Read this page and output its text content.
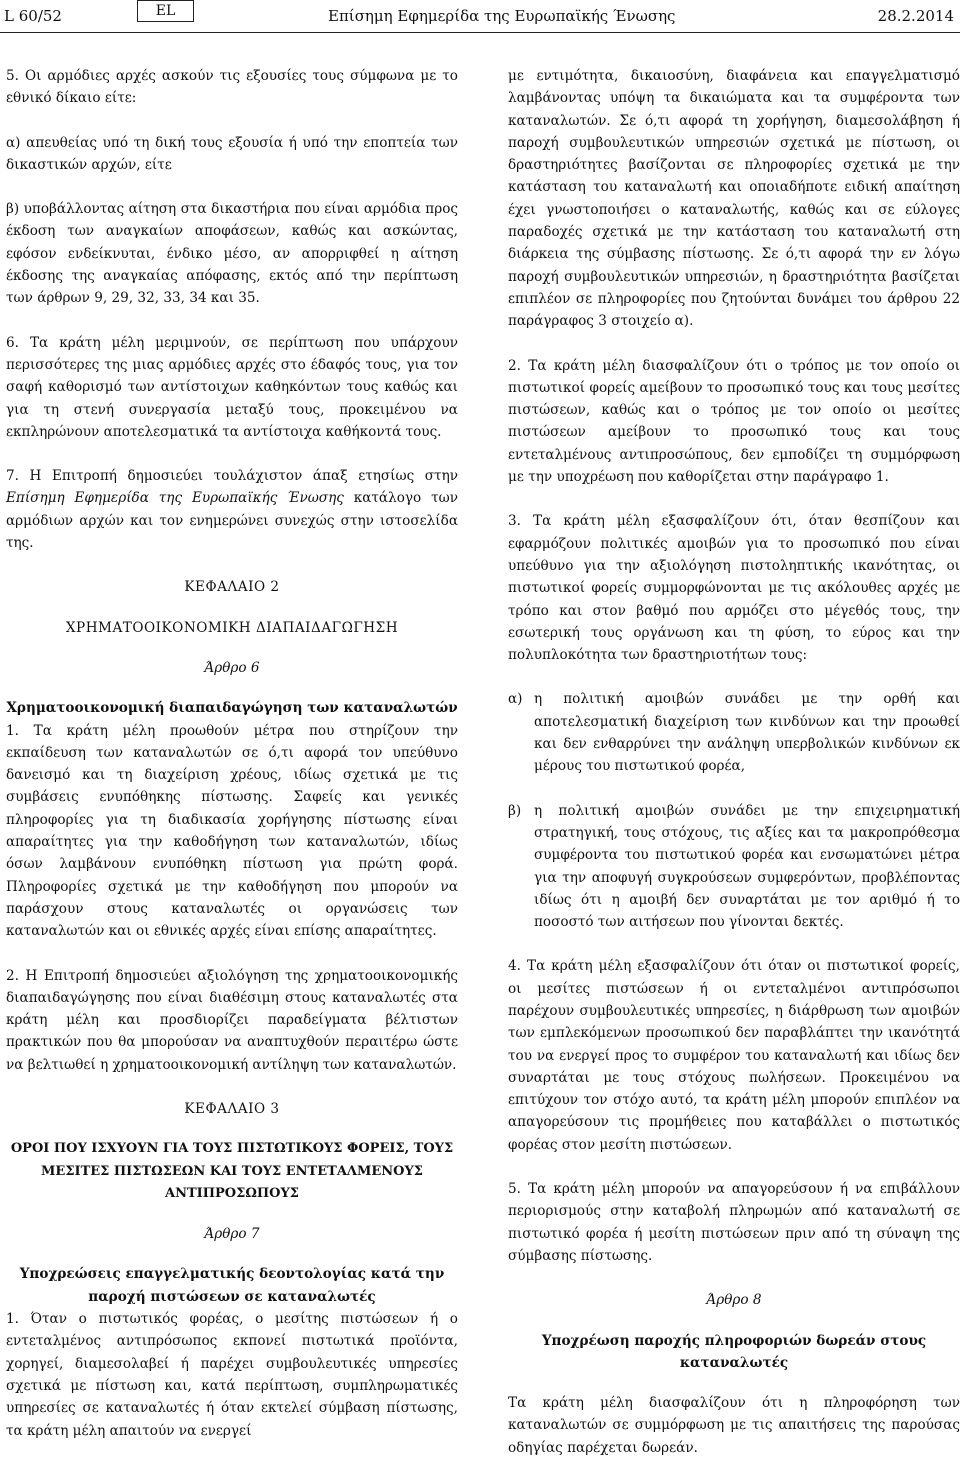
L 60/52	EL	Επίσημη Εφημερίδα της Ευρωπαϊκής Ένωσης	28.2.2014

5. Οι αρμόδιες αρχές ασκούν τις εξουσίες τους σύμφωνα με το εθνικό δίκαιο είτε:

α) απευθείας υπό τη δική τους εξουσία ή υπό την εποπτεία των δικαστικών αρχών, είτε

β) υποβάλλοντας αίτηση στα δικαστήρια που είναι αρμόδια προς έκδοση των αναγκαίων αποφάσεων, καθώς και ασκώντας, εφόσον ενδείκνυται, ένδικο μέσο, αν απορριφθεί η αίτηση έκδοσης της αναγκαίας απόφασης, εκτός από την περίπτωση των άρθρων 9, 29, 32, 33, 34 και 35.

6. Τα κράτη μέλη μεριμνούν, σε περίπτωση που υπάρχουν περισσότερες της μιας αρμόδιες αρχές στο έδαφός τους, για τον σαφή καθορισμό των αντίστοιχων καθηκόντων τους καθώς και για τη στενή συνεργασία μεταξύ τους, προκειμένου να εκπληρώνουν αποτελεσματικά τα αντίστοιχα καθήκοντά τους.

7. Η Επιτροπή δημοσιεύει τουλάχιστον άπαξ ετησίως στην Επίσημη Εφημερίδα της Ευρωπαϊκής Ένωσης κατάλογο των αρμόδιων αρχών και τον ενημερώνει συνεχώς στην ιστοσελίδα της.

ΚΕΦΑΛΑΙΟ 2

ΧΡΗΜΑΤΟΟΙΚΟΝΟΜΙΚΗ ΔΙΑΠΑΙΔΑΓΩΓΗΣΗ

Άρθρο 6

Χρηματοοικονομική διαπαιδαγώγηση των καταναλωτών

1. Τα κράτη μέλη προωθούν μέτρα που στηρίζουν την εκπαίδευση των καταναλωτών σε ό,τι αφορά τον υπεύθυνο δανεισμό και τη διαχείριση χρέους, ιδίως σχετικά με τις συμβάσεις ενυπόθηκης πίστωσης. Σαφείς και γενικές πληροφορίες για τη διαδικασία χορήγησης πίστωσης είναι απαραίτητες για την καθοδήγηση των καταναλωτών, ιδίως όσων λαμβάνουν ενυπόθηκη πίστωση για πρώτη φορά. Πληροφορίες σχετικά με την καθοδήγηση που μπορούν να παράσχουν στους καταναλωτές οι οργανώσεις των καταναλωτών και οι εθνικές αρχές είναι επίσης απαραίτητες.

2. Η Επιτροπή δημοσιεύει αξιολόγηση της χρηματοοικονομικής διαπαιδαγώγησης που είναι διαθέσιμη στους καταναλωτές στα κράτη μέλη και προσδιορίζει παραδείγματα βέλτιστων πρακτικών που θα μπορούσαν να αναπτυχθούν περαιτέρω ώστε να βελτιωθεί η χρηματοοικονομική αντίληψη των καταναλωτών.

ΚΕΦΑΛΑΙΟ 3

ΟΡΟΙ ΠΟΥ ΙΣΧΥΟΥΝ ΓΙΑ ΤΟΥΣ ΠΙΣΤΩΤΙΚΟΥΣ ΦΟΡΕΙΣ, ΤΟΥΣ ΜΕΣΙΤΕΣ ΠΙΣΤΩΣΕΩΝ ΚΑΙ ΤΟΥΣ ΕΝΤΕΤΑΛΜΕΝΟΥΣ ΑΝΤΙΠΡΟΣΩΠΟΥΣ

Άρθρο 7

Υποχρεώσεις επαγγελματικής δεοντολογίας κατά την παροχή πιστώσεων σε καταναλωτές

1. Όταν ο πιστωτικός φορέας, ο μεσίτης πιστώσεων ή ο εντεταλμένος αντιπρόσωπος εκπονεί πιστωτικά προϊόντα, χορηγεί, διαμεσολαβεί ή παρέχει συμβουλευτικές υπηρεσίες σχετικά με πίστωση και, κατά περίπτωση, συμπληρωματικές υπηρεσίες σε καταναλωτές ή όταν εκτελεί σύμβαση πίστωσης, τα κράτη μέλη απαιτούν να ενεργεί

με εντιμότητα, δικαιοσύνη, διαφάνεια και επαγγελματισμό λαμβάνοντας υπόψη τα δικαιώματα και τα συμφέροντα των καταναλωτών. Σε ό,τι αφορά τη χορήγηση, διαμεσολάβηση ή παροχή συμβουλευτικών υπηρεσιών σχετικά με πίστωση, οι δραστηριότητες βασίζονται σε πληροφορίες σχετικά με την κατάσταση του καταναλωτή και οποιαδήποτε ειδική απαίτηση έχει γνωστοποιήσει ο καταναλωτής, καθώς και σε εύλογες παραδοχές σχετικά με την κατάσταση του καταναλωτή στη διάρκεια της σύμβασης πίστωσης. Σε ό,τι αφορά την εν λόγω παροχή συμβουλευτικών υπηρεσιών, η δραστηριότητα βασίζεται επιπλέον σε πληροφορίες που ζητούνται δυνάμει του άρθρου 22 παράγραφος 3 στοιχείο α).

2. Τα κράτη μέλη διασφαλίζουν ότι ο τρόπος με τον οποίο οι πιστωτικοί φορείς αμείβουν το προσωπικό τους και τους μεσίτες πιστώσεων, καθώς και ο τρόπος με τον οποίο οι μεσίτες πιστώσεων αμείβουν το προσωπικό τους και τους εντεταλμένους αντιπροσώπους, δεν εμποδίζει τη συμμόρφωση με την υποχρέωση που καθορίζεται στην παράγραφο 1.

3. Τα κράτη μέλη εξασφαλίζουν ότι, όταν θεσπίζουν και εφαρμόζουν πολιτικές αμοιβών για το προσωπικό που είναι υπεύθυνο για την αξιολόγηση πιστοληπτικής ικανότητας, οι πιστωτικοί φορείς συμμορφώνονται με τις ακόλουθες αρχές με τρόπο και στον βαθμό που αρμόζει στο μέγεθός τους, την εσωτερική τους οργάνωση και τη φύση, το εύρος και την πολυπλοκότητα των δραστηριοτήτων τους:

α) η πολιτική αμοιβών συνάδει με την ορθή και αποτελεσματική διαχείριση των κινδύνων και την προωθεί και δεν ενθαρρύνει την ανάληψη υπερβολικών κινδύνων εκ μέρους του πιστωτικού φορέα,
β) η πολιτική αμοιβών συνάδει με την επιχειρηματική στρατηγική, τους στόχους, τις αξίες και τα μακροπρόθεσμα συμφέροντα του πιστωτικού φορέα και ενσωματώνει μέτρα για την αποφυγή συγκρούσεων συμφερόντων, προβλέποντας ιδίως ότι η αμοιβή δεν συναρτάται με τον αριθμό ή το ποσοστό των αιτήσεων που γίνονται δεκτές.

4. Τα κράτη μέλη εξασφαλίζουν ότι όταν οι πιστωτικοί φορείς, οι μεσίτες πιστώσεων ή οι εντεταλμένοι αντιπρόσωποι παρέχουν συμβουλευτικές υπηρεσίες, η διάρθρωση των αμοιβών των εμπλεκόμενων προσωπικού δεν παραβλάπτει την ικανότητά του να ενεργεί προς το συμφέρον του καταναλωτή και ιδίως δεν συναρτάται με τους στόχους πωλήσεων. Προκειμένου να επιτύχουν τον στόχο αυτό, τα κράτη μέλη μπορούν επιπλέον να απαγορεύσουν τις προμήθειες που καταβάλλει ο πιστωτικός φορέας στον μεσίτη πιστώσεων.

5. Τα κράτη μέλη μπορούν να απαγορεύσουν ή να επιβάλλουν περιορισμούς στην καταβολή πληρωμών από καταναλωτή σε πιστωτικό φορέα ή μεσίτη πιστώσεων πριν από τη σύναψη της σύμβασης πίστωσης.

Άρθρο 8

Υποχρέωση παροχής πληροφοριών δωρεάν στους καταναλωτές

Τα κράτη μέλη διασφαλίζουν ότι η πληροφόρηση των καταναλωτών σε συμμόρφωση με τις απαιτήσεις της παρούσας οδηγίας παρέχεται δωρεάν.
